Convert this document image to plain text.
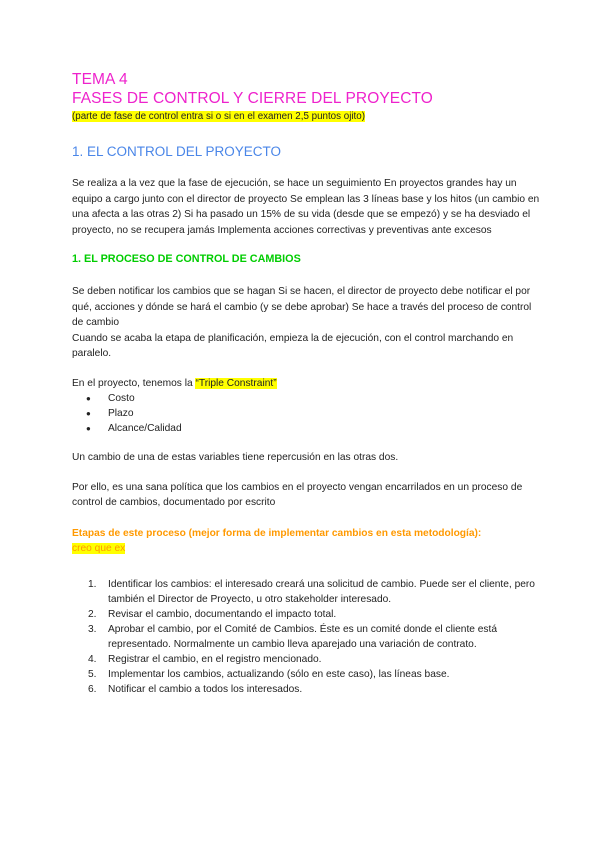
TEMA 4
FASES DE CONTROL Y CIERRE DEL PROYECTO
(parte de fase de control entra si o si en el examen 2,5 puntos ojito)
1. EL CONTROL DEL PROYECTO

Se realiza a la vez que la fase de ejecución, se hace un seguimiento En proyectos grandes hay un equipo a cargo junto con el director de proyecto Se emplean las 3 líneas base y los hitos (un cambio en una afecta a las otras 2) Si ha pasado un 15% de su vida (desde que se empezó) y se ha desviado el proyecto, no se recupera jamás Implementa acciones correctivas y preventivas ante excesos

1. EL PROCESO DE CONTROL DE CAMBIOS

Se deben notificar los cambios que se hagan Si se hacen, el director de proyecto debe notificar el por qué, acciones y dónde se hará el cambio (y se debe aprobar) Se hace a través del proceso de control de cambio

Cuando se acaba la etapa de planificación, empieza la de ejecución, con el control marchando en paralelo.

En el proyecto, tenemos la “Triple Constraint”

● Costo
● Plazo
● Alcance/Calidad

Un cambio de una de estas variables tiene repercusión en las otras dos.

Por ello, es una sana política que los cambios en el proyecto vengan encarrilados en un proceso de control de cambios, documentado por escrito

Etapas de este proceso (mejor forma de implementar cambios en esta metodología):
creo que ex
1. Identificar los cambios: el interesado creará una solicitud de cambio. Puede ser el cliente, pero también el Director de Proyecto, u otro stakeholder interesado.
2. Revisar el cambio, documentando el impacto total.
3. Aprobar el cambio, por el Comité de Cambios. Éste es un comité donde el cliente está representado. Normalmente un cambio lleva aparejado una variación de contrato.
4. Registrar el cambio, en el registro mencionado.
5. Implementar los cambios, actualizando (sólo en este caso), las líneas base.
6. Notificar el cambio a todos los interesados.
